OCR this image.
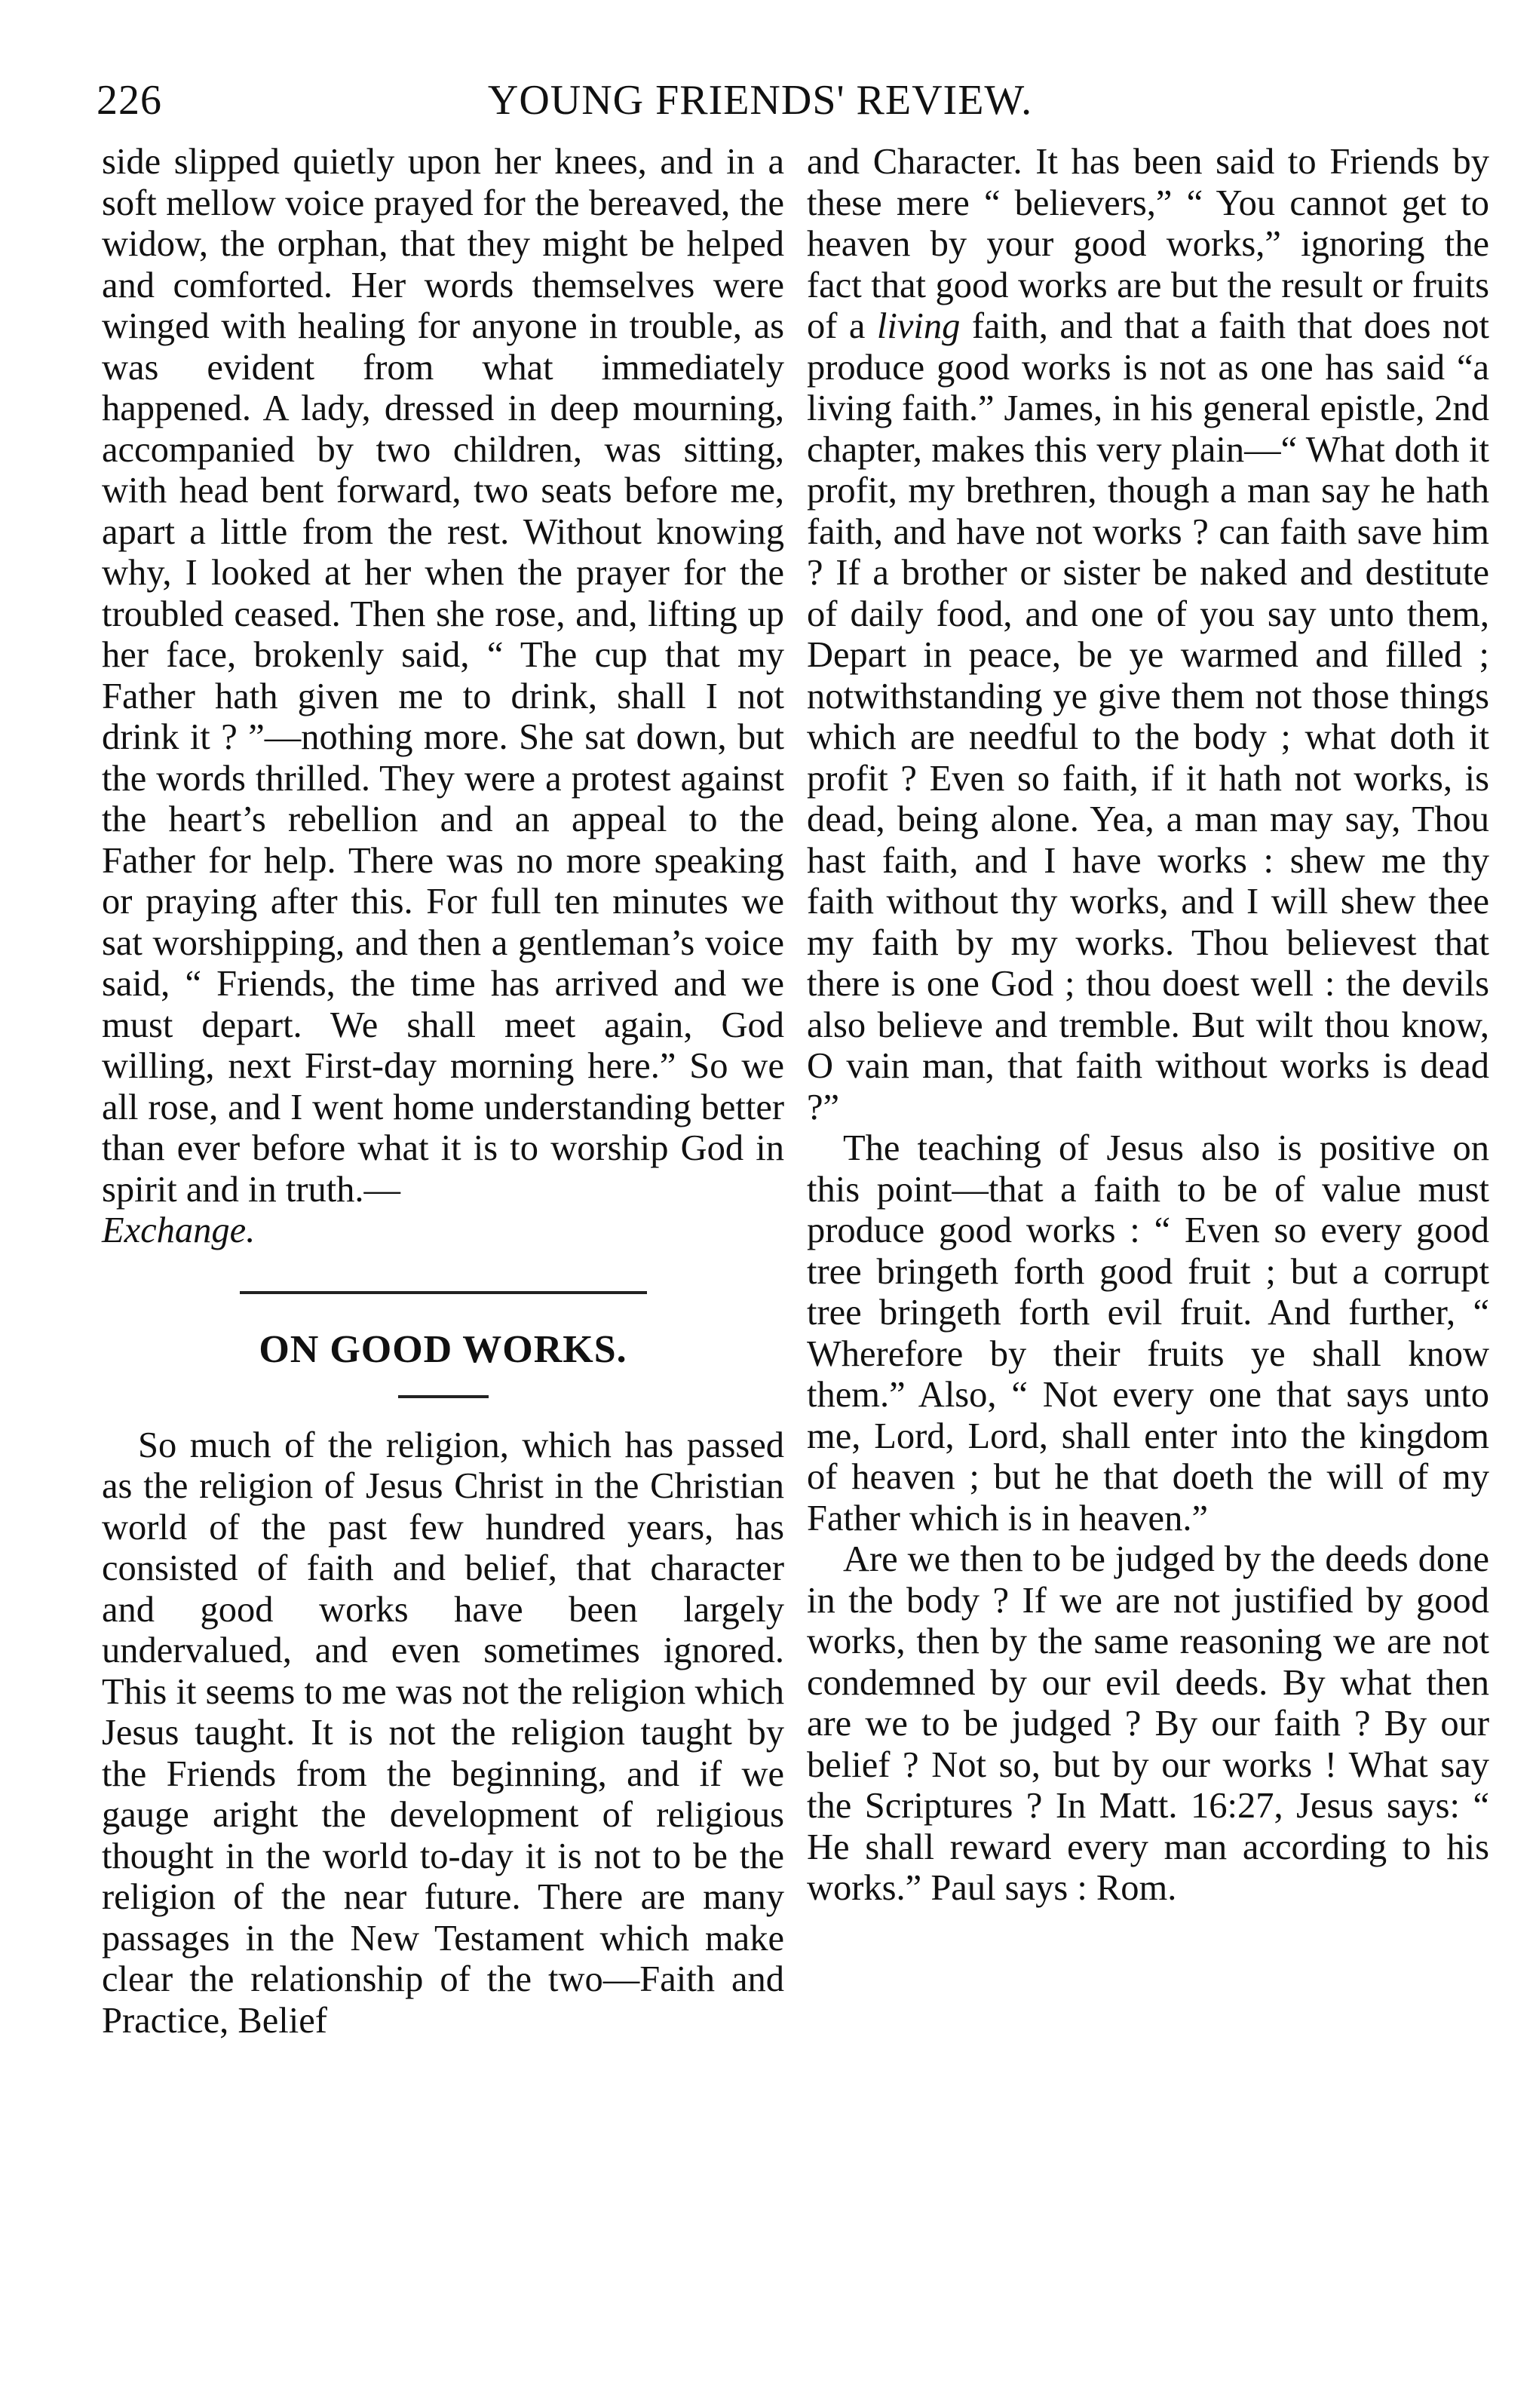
226	YOUNG FRIENDS' REVIEW.

side slipped quietly upon her knees, and in a soft mellow voice prayed for the bereaved, the widow, the orphan, that they might be helped and comforted. Her words themselves were winged with healing for anyone in trouble, as was evident from what immediately happened. A lady, dressed in deep mourning, accompanied by two children, was sitting, with head bent forward, two seats before me, apart a little from the rest. Without knowing why, I looked at her when the prayer for the troubled ceased. Then she rose, and, lifting up her face, brokenly said, “ The cup that my Father hath given me to drink, shall I not drink it ? ”—nothing more. She sat down, but the words thrilled. They were a protest against the heart’s rebellion and an appeal to the Father for help. There was no more speaking or praying after this. For full ten minutes we sat worshipping, and then a gentleman’s voice said, “ Friends, the time has arrived and we must depart. We shall meet again, God willing, next First-day morning here.” So we all rose, and I went home understanding better than ever before what it is to worship God in spirit and in truth.—
Exchange.

ON GOOD WORKS.

So much of the religion, which has passed as the religion of Jesus Christ in the Christian world of the past few hundred years, has consisted of faith and belief, that character and good works have been largely undervalued, and even sometimes ignored. This it seems to me was not the religion which Jesus taught. It is not the religion taught by the Friends from the beginning, and if we gauge aright the development of religious thought in the world to-day it is not to be the religion of the near future. There are many passages in the New Testament which make clear the relationship of the two—Faith and Practice, Belief

and Character. It has been said to Friends by these mere “ believers,” “ You cannot get to heaven by your good works,” ignoring the fact that good works are but the result or fruits of a living faith, and that a faith that does not produce good works is not as one has said “a living faith.” James, in his general epistle, 2nd chapter, makes this very plain—“ What doth it profit, my brethren, though a man say he hath faith, and have not works ? can faith save him ? If a brother or sister be naked and destitute of daily food, and one of you say unto them, Depart in peace, be ye warmed and filled ; notwithstanding ye give them not those things which are needful to the body ; what doth it profit ? Even so faith, if it hath not works, is dead, being alone. Yea, a man may say, Thou hast faith, and I have works : shew me thy faith without thy works, and I will shew thee my faith by my works. Thou believest that there is one God ; thou doest well : the devils also believe and tremble. But wilt thou know, O vain man, that faith without works is dead ?”

The teaching of Jesus also is positive on this point—that a faith to be of value must produce good works : “ Even so every good tree bringeth forth good fruit ; but a corrupt tree bringeth forth evil fruit. And further, “ Wherefore by their fruits ye shall know them.” Also, “ Not every one that says unto me, Lord, Lord, shall enter into the kingdom of heaven ; but he that doeth the will of my Father which is in heaven.”

Are we then to be judged by the deeds done in the body ? If we are not justified by good works, then by the same reasoning we are not condemned by our evil deeds. By what then are we to be judged ? By our faith ? By our belief ? Not so, but by our works ! What say the Scriptures ? In Matt. 16:27, Jesus says: “ He shall reward every man according to his works.” Paul says : Rom.
